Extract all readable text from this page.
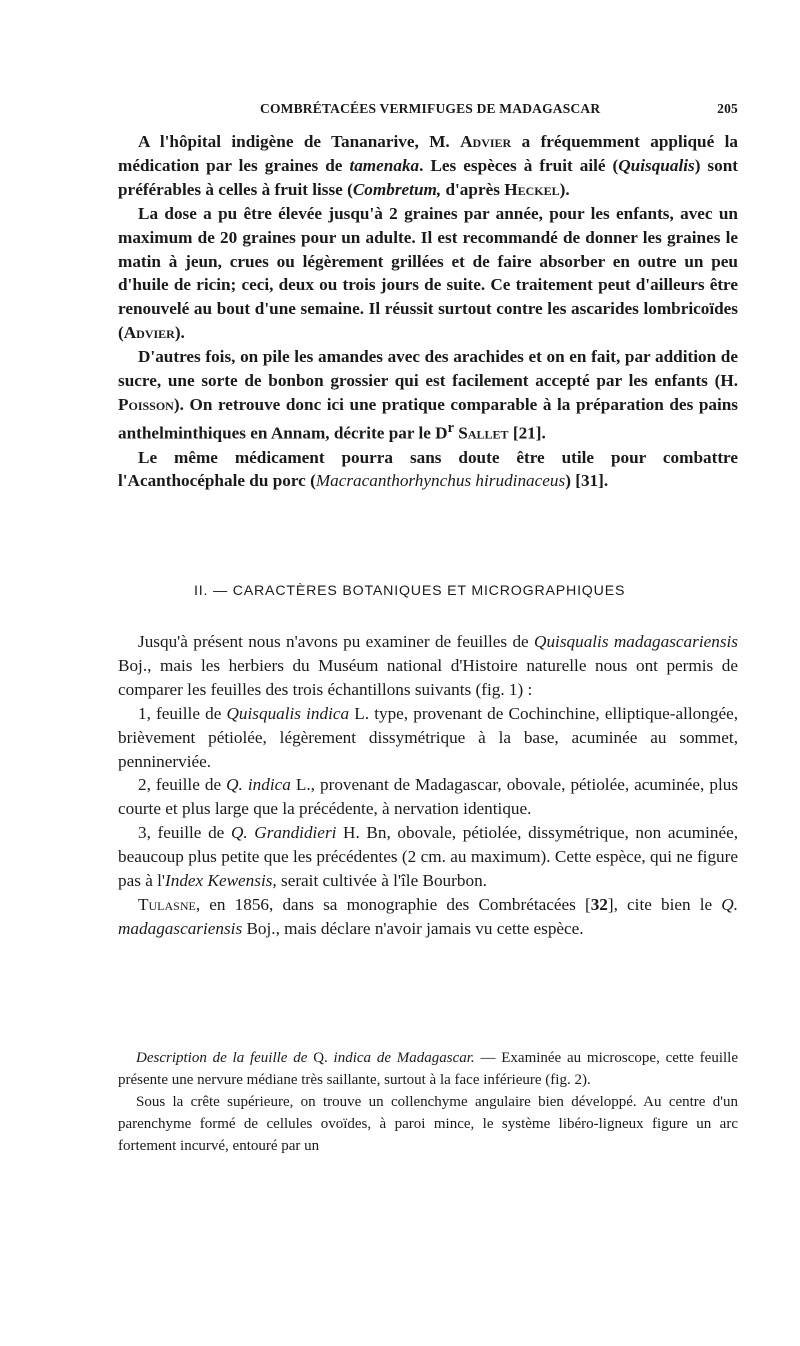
COMBRÉTACÉES VERMIFUGES DE MADAGASCAR	205

A l'hôpital indigène de Tananarive, M. Advier a fréquemment appliqué la médication par les graines de tamenaka. Les espèces à fruit ailé (Quisqualis) sont préférables à celles à fruit lisse (Combretum, d'après Heckel).

La dose a pu être élevée jusqu'à 2 graines par année, pour les enfants, avec un maximum de 20 graines pour un adulte. Il est recommandé de donner les graines le matin à jeun, crues ou légèrement grillées et de faire absorber en outre un peu d'huile de ricin; ceci, deux ou trois jours de suite. Ce traitement peut d'ailleurs être renouvelé au bout d'une semaine. Il réussit surtout contre les ascarides lombricoïdes (Advier).

D'autres fois, on pile les amandes avec des arachides et on en fait, par addition de sucre, une sorte de bonbon grossier qui est facilement accepté par les enfants (H. Poisson). On retrouve donc ici une pratique comparable à la préparation des pains anthelminthiques en Annam, décrite par le $D^r$ Sallet [21].

Le même médicament pourra sans doute être utile pour combattre l'Acanthocéphale du porc (Macracanthorhynchus hirudinaceus) [31].

II. — CARACTÈRES BOTANIQUES ET MICROGRAPHIQUES

Jusqu'à présent nous n'avons pu examiner de feuilles de Quisqualis madagascariensis Boj., mais les herbiers du Muséum national d'Histoire naturelle nous ont permis de comparer les feuilles des trois échantillons suivants (fig. 1) :

1, feuille de Quisqualis indica L. type, provenant de Cochinchine, elliptique-allongée, brièvement pétiolée, légèrement dissymétrique à la base, acuminée au sommet, penninerviée.

2, feuille de Q. indica L., provenant de Madagascar, obovale, pétiolée, acuminée, plus courte et plus large que la précédente, à nervation identique.

3, feuille de Q. Grandidieri H. Bn, obovale, pétiolée, dissymétrique, non acuminée, beaucoup plus petite que les précédentes (2 cm. au maximum). Cette espèce, qui ne figure pas à l'Index Kewensis, serait cultivée à l'île Bourbon.

Tulasne, en 1856, dans sa monographie des Combrétacées [32], cite bien le Q. madagascariensis Boj., mais déclare n'avoir jamais vu cette espèce.

Description de la feuille de Q. indica de Madagascar. — Examinée au microscope, cette feuille présente une nervure médiane très saillante, surtout à la face inférieure (fig. 2).

Sous la crête supérieure, on trouve un collenchyme angulaire bien développé. Au centre d'un parenchyme formé de cellules ovoïdes, à paroi mince, le système libéro-ligneux figure un arc fortement incurvé, entouré par un
